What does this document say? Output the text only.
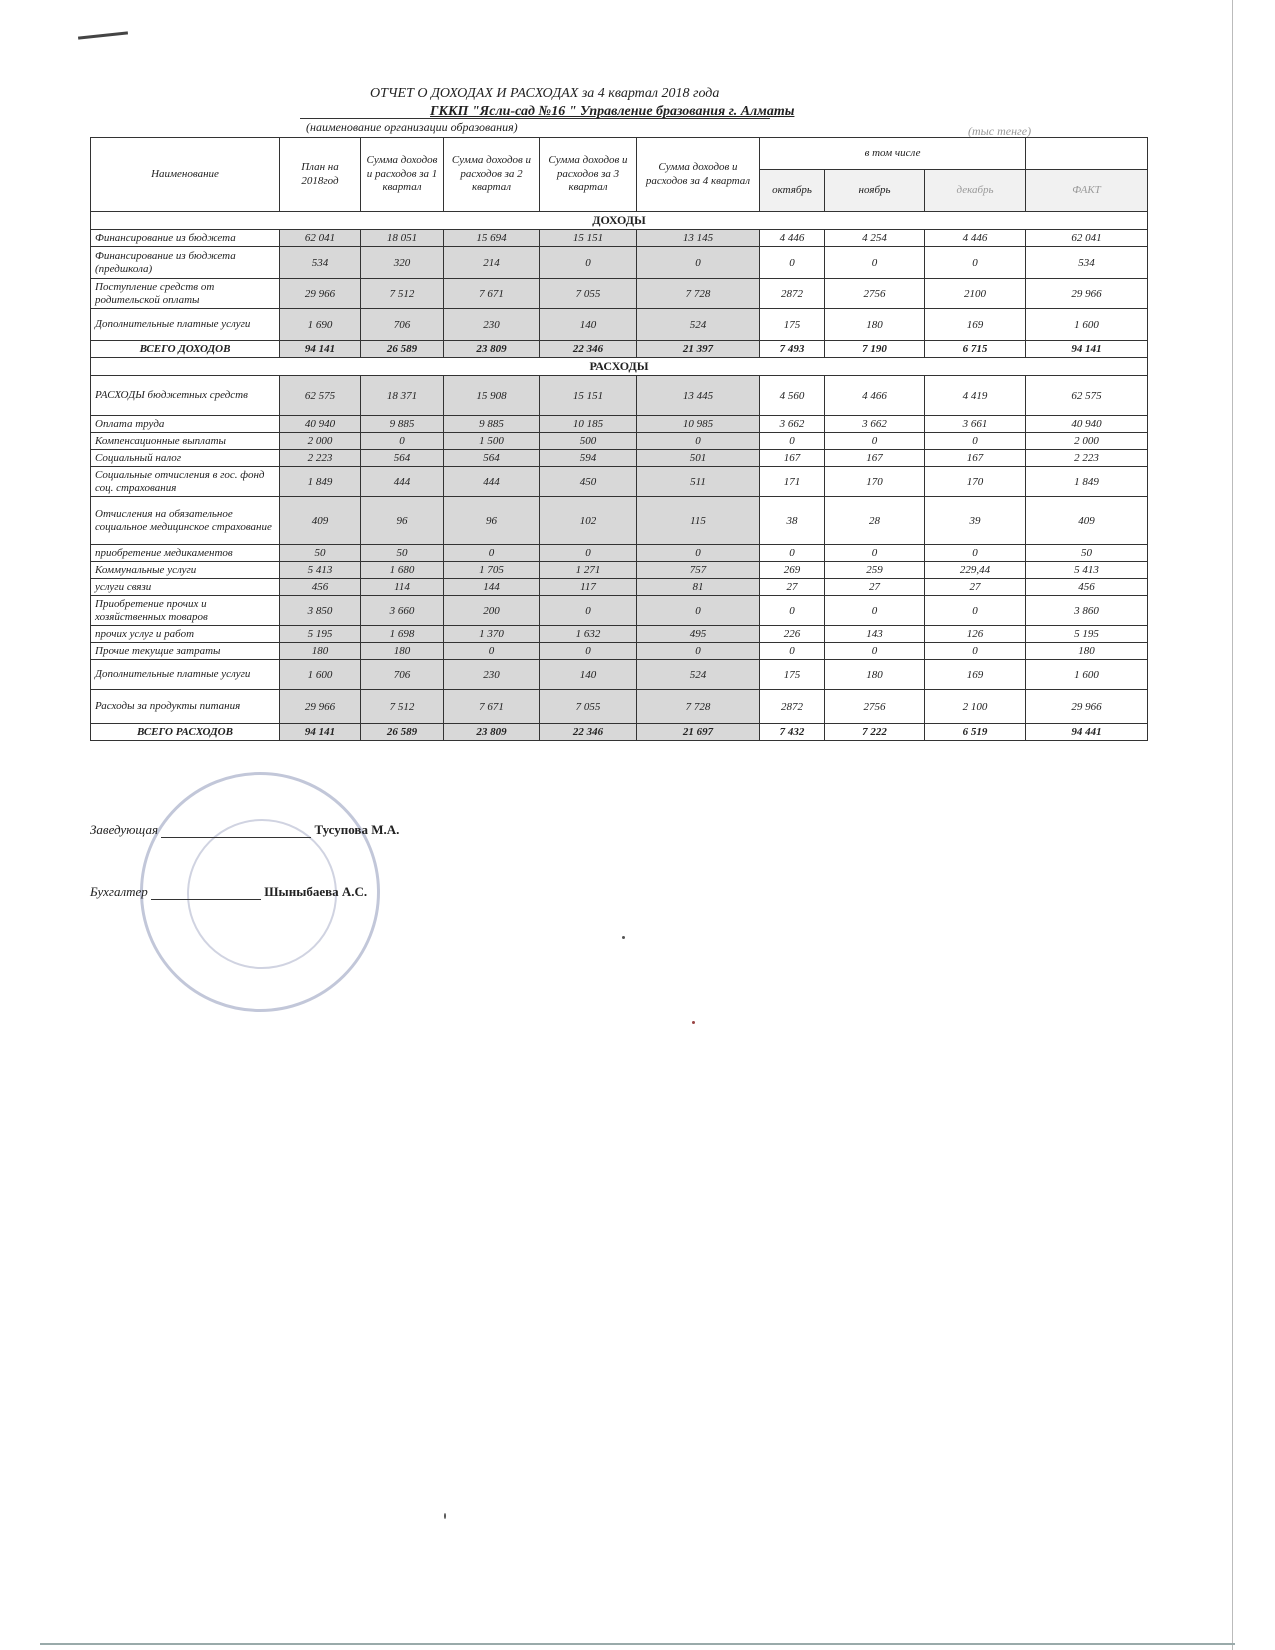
ОТЧЕТ О ДОХОДАХ И РАСХОДАХ за 4 квартал 2018 года
ГККП "Ясли-сад №16 " Управление бразования г. Алматы
(наименование организации образования)	(тыс тенге)
Наименование	План на 2018год	Сумма доходов и расходов за 1 квартал	Сумма доходов и расходов за 2 квартал	Сумма доходов и расходов за 3 квартал	Сумма доходов и расходов за 4 квартал	в том числе			
						октябрь	ноябрь	декабрь	ФАКТ
ДОХОДЫ									
Финансирование из бюджета	62 041	18 051	15 694	15 151	13 145	4 446	4 254	4 446	62 041
Финансирование из бюджета (предшкола)	534	320	214	0	0	0	0	0	534
Поступление средств от родительской оплаты	29 966	7 512	7 671	7 055	7 728	2872	2756	2100	29 966
Дополнительные платные услуги	1 690	706	230	140	524	175	180	169	1 600
ВСЕГО ДОХОДОВ	94 141	26 589	23 809	22 346	21 397	7 493	7 190	6 715	94 141
РАСХОДЫ									
РАСХОДЫ бюджетных средств	62 575	18 371	15 908	15 151	13 445	4 560	4 466	4 419	62 575
Оплата труда	40 940	9 885	9 885	10 185	10 985	3 662	3 662	3 661	40 940
Компенсационные выплаты	2 000	0	1 500	500	0	0	0	0	2 000
Социальный налог	2 223	564	564	594	501	167	167	167	2 223
Социальные отчисления в гос. фонд соц. страхования	1 849	444	444	450	511	171	170	170	1 849
Отчисления на обязательное социальное медицинское страхование	409	96	96	102	115	38	28	39	409
приобретение медикаментов	50	50	0	0	0	0	0	0	50
Коммунальные услуги	5 413	1 680	1 705	1 271	757	269	259	229,44	5 413
услуги связи	456	114	144	117	81	27	27	27	456
Приобретение прочих и хозяйственных товаров	3 850	3 660	200	0	0	0	0	0	3 860
прочих услуг и работ	5 195	1 698	1 370	1 632	495	226	143	126	5 195
Прочие текущие затраты	180	180	0	0	0	0	0	0	180
Дополнительные платные услуги	1 600	706	230	140	524	175	180	169	1 600
Расходы за продукты питания	29 966	7 512	7 671	7 055	7 728	2872	2756	2 100	29 966
ВСЕГО РАСХОДОВ	94 141	26 589	23 809	22 346	21 697	7 432	7 222	6 519	94 441
Заведующая	Тусупова М.А.
Бухгалтер	Шыныбаева А.С.
